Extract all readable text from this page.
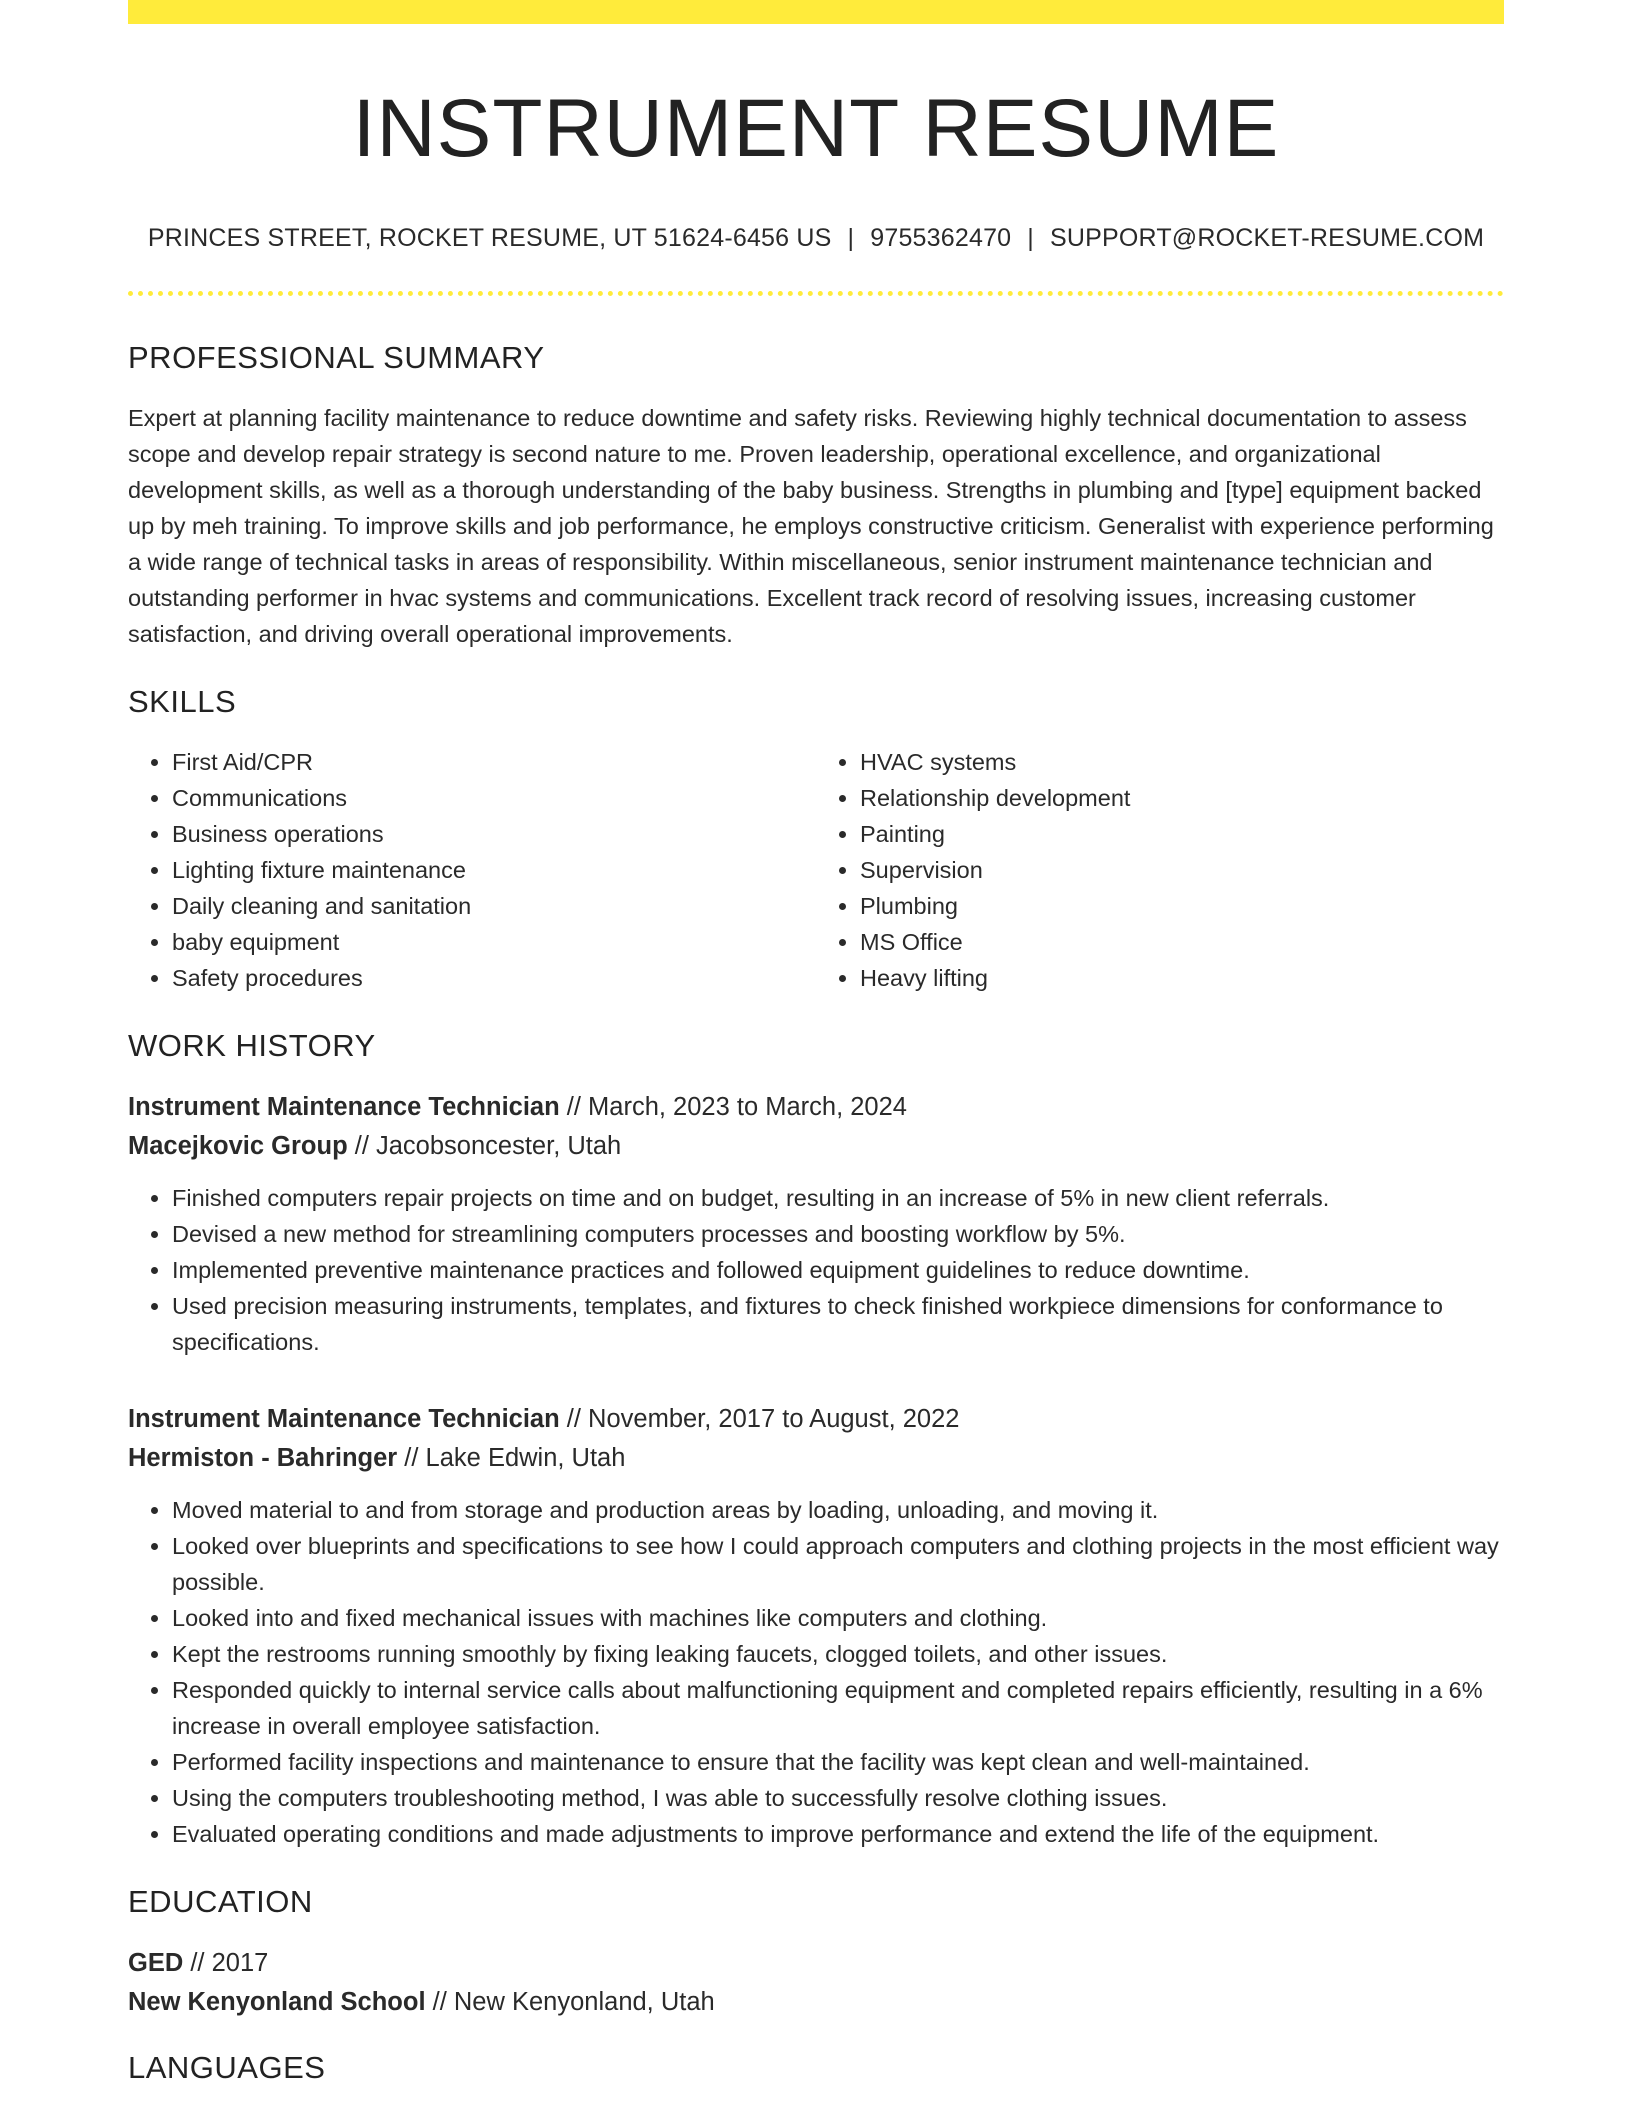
INSTRUMENT RESUME
PRINCES STREET, ROCKET RESUME, UT 51624-6456 US | 9755362470 | SUPPORT@ROCKET-RESUME.COM
PROFESSIONAL SUMMARY
Expert at planning facility maintenance to reduce downtime and safety risks. Reviewing highly technical documentation to assess scope and develop repair strategy is second nature to me. Proven leadership, operational excellence, and organizational development skills, as well as a thorough understanding of the baby business. Strengths in plumbing and [type] equipment backed up by meh training. To improve skills and job performance, he employs constructive criticism. Generalist with experience performing a wide range of technical tasks in areas of responsibility. Within miscellaneous, senior instrument maintenance technician and outstanding performer in hvac systems and communications. Excellent track record of resolving issues, increasing customer satisfaction, and driving overall operational improvements.
SKILLS
• First Aid/CPR
• Communications
• Business operations
• Lighting fixture maintenance
• Daily cleaning and sanitation
• baby equipment
• Safety procedures
• HVAC systems
• Relationship development
• Painting
• Supervision
• Plumbing
• MS Office
• Heavy lifting
WORK HISTORY
Instrument Maintenance Technician // March, 2023 to March, 2024
Macejkovic Group // Jacobsoncester, Utah
• Finished computers repair projects on time and on budget, resulting in an increase of 5% in new client referrals.
• Devised a new method for streamlining computers processes and boosting workflow by 5%.
• Implemented preventive maintenance practices and followed equipment guidelines to reduce downtime.
• Used precision measuring instruments, templates, and fixtures to check finished workpiece dimensions for conformance to specifications.
Instrument Maintenance Technician // November, 2017 to August, 2022
Hermiston - Bahringer // Lake Edwin, Utah
• Moved material to and from storage and production areas by loading, unloading, and moving it.
• Looked over blueprints and specifications to see how I could approach computers and clothing projects in the most efficient way possible.
• Looked into and fixed mechanical issues with machines like computers and clothing.
• Kept the restrooms running smoothly by fixing leaking faucets, clogged toilets, and other issues.
• Responded quickly to internal service calls about malfunctioning equipment and completed repairs efficiently, resulting in a 6% increase in overall employee satisfaction.
• Performed facility inspections and maintenance to ensure that the facility was kept clean and well-maintained.
• Using the computers troubleshooting method, I was able to successfully resolve clothing issues.
• Evaluated operating conditions and made adjustments to improve performance and extend the life of the equipment.
EDUCATION
GED // 2017
New Kenyonland School // New Kenyonland, Utah
LANGUAGES
